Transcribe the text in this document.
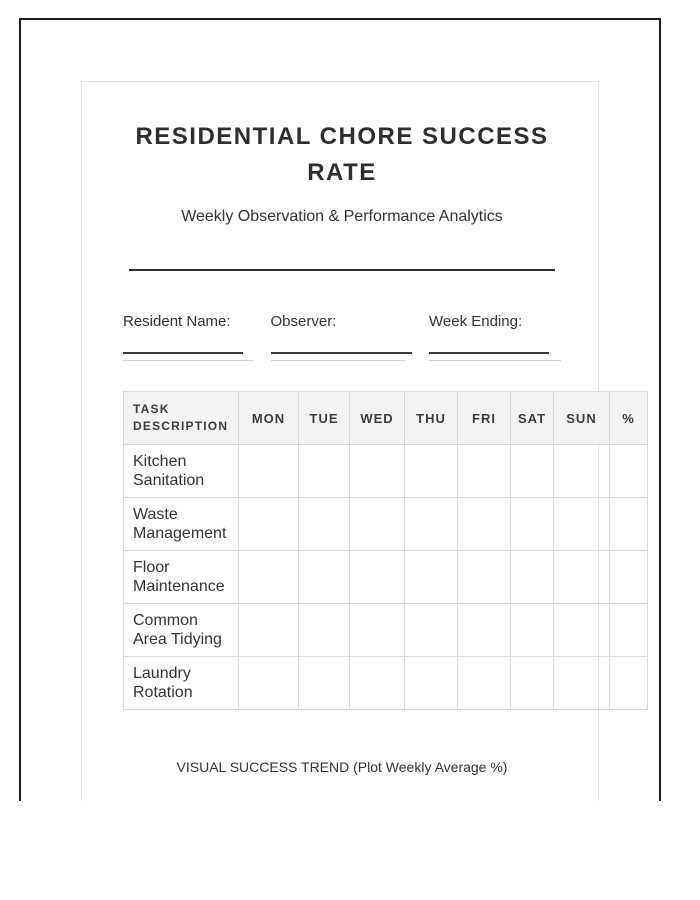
RESIDENTIAL CHORE SUCCESS
RATE
Weekly Observation & Performance Analytics
Resident Name:	Observer:	Week Ending:
TASK DESCRIPTION	MON	TUE	WED	THU	FRI	SAT	SUN	%
Kitchen Sanitation								
Waste Management								
Floor Maintenance								
Common Area Tidying								
Laundry Rotation								
VISUAL SUCCESS TREND (Plot Weekly Average %)
